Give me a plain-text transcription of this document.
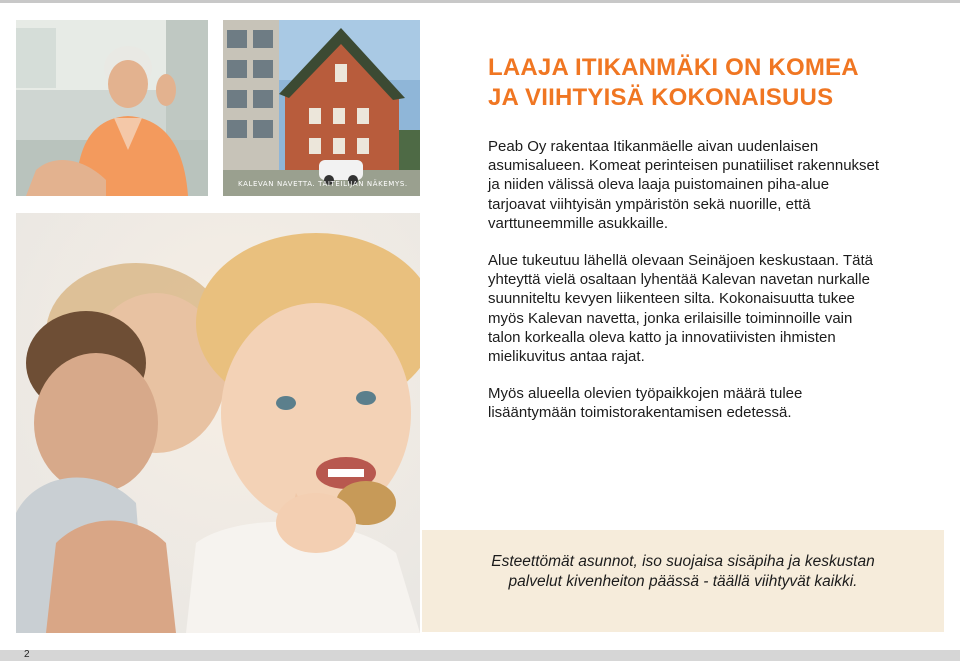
KALEVAN NAVETTA. TAITEILIJAN NÄKEMYS.
LAAJA ITIKANMÄKI ON KOMEA
JA VIIHTYISÄ KOKONAISUUS

Peab Oy rakentaa Itikanmäelle aivan uudenlaisen asumisalueen. Komeat perinteisen punatiiliset rakennukset ja niiden välissä oleva laaja puistomainen piha-alue tarjoavat viihtyisän ympäristön sekä nuorille, että varttuneemmille asukkaille.

Alue tukeutuu lähellä olevaan Seinäjoen keskustaan. Tätä yhteyttä vielä osaltaan lyhentää Kalevan navetan nurkalle suunniteltu kevyen liikenteen silta. Kokonaisuutta tukee myös Kalevan navetta, jonka erilaisille toiminnoille vain talon korkealla oleva katto ja innovatiivisten ihmisten mielikuvitus antaa rajat.

Myös alueella olevien työpaikkojen määrä tulee lisääntymään toimistorakentamisen edetessä.

Esteettömät asunnot, iso suojaisa sisäpiha ja keskustan
palvelut kivenheiton päässä - täällä viihtyvät kaikki.

2
